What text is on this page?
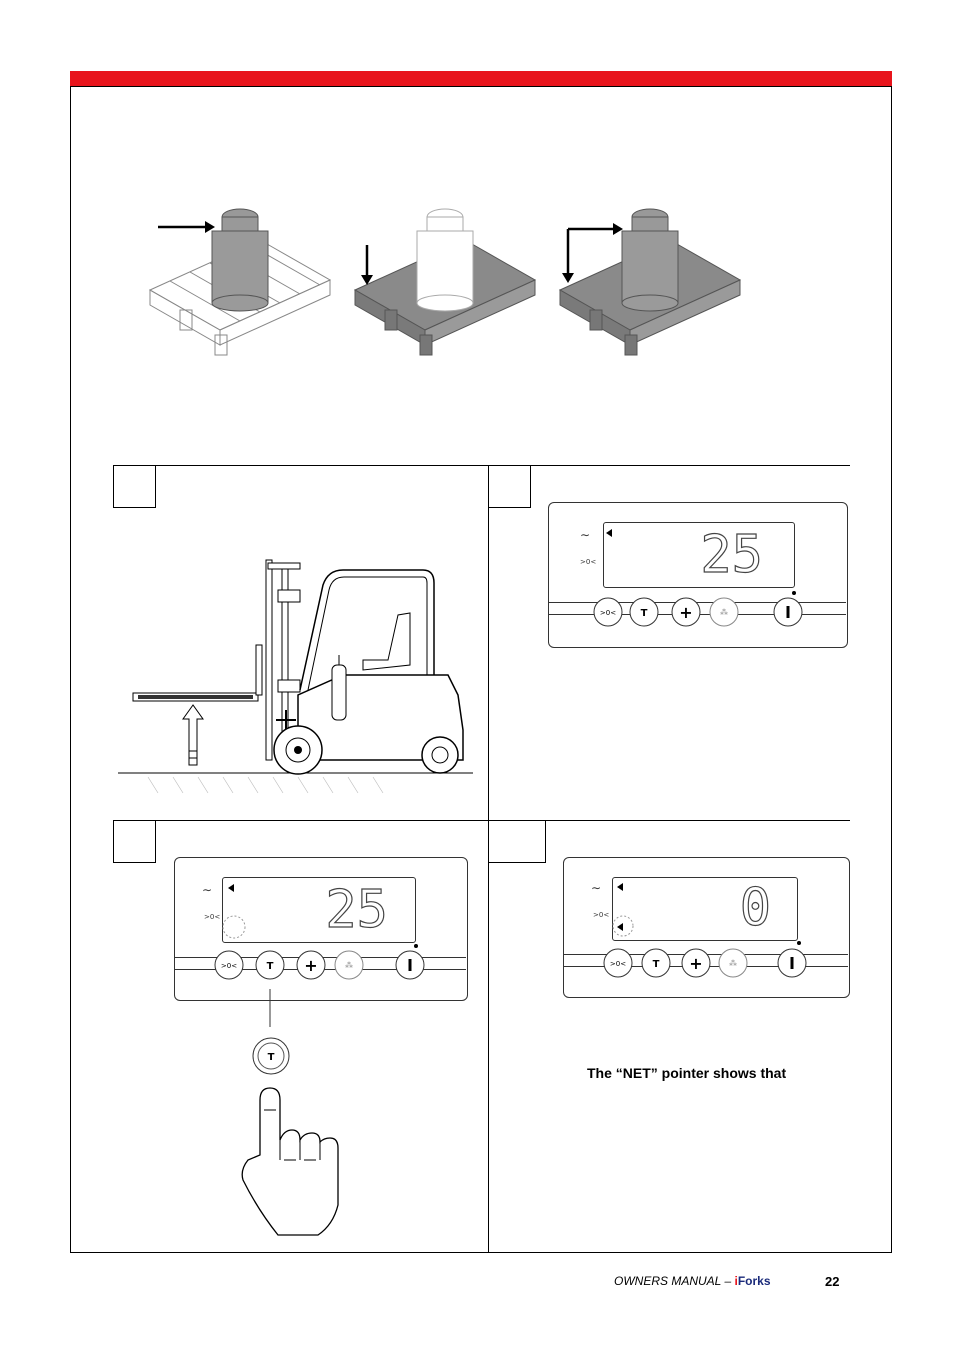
∼
>0< 25
>0< T +	⁂
∼
>0< 25
>0<	T +	⁂
T
∼
>0<	0
>0<	T +	⁂
The “NET” pointer shows that
OWNERS MANUAL – iForks	22
